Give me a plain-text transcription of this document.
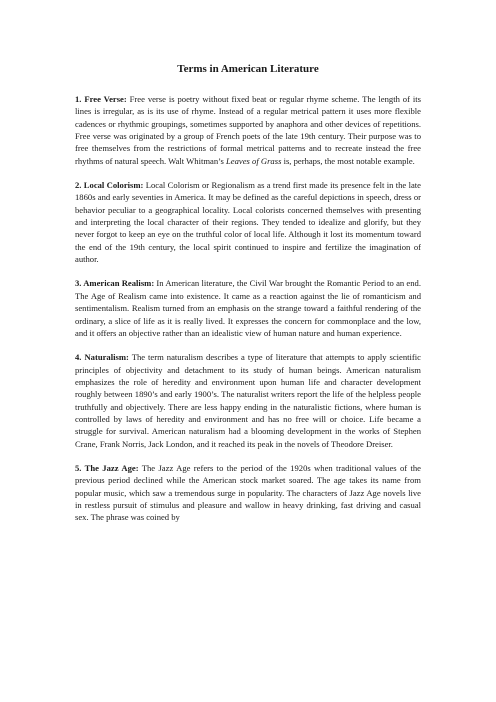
Terms in American Literature

1. Free Verse: Free verse is poetry without fixed beat or regular rhyme scheme. The length of its lines is irregular, as is its use of rhyme. Instead of a regular metrical pattern it uses more flexible cadences or rhythmic groupings, sometimes supported by anaphora and other devices of repetitions. Free verse was originated by a group of French poets of the late 19th century. Their purpose was to free themselves from the restrictions of formal metrical patterns and to recreate instead the free rhythms of natural speech. Walt Whitman’s Leaves of Grass is, perhaps, the most notable example.

2. Local Colorism: Local Colorism or Regionalism as a trend first made its presence felt in the late 1860s and early seventies in America. It may be defined as the careful depictions in speech, dress or behavior peculiar to a geographical locality. Local colorists concerned themselves with presenting and interpreting the local character of their regions. They tended to idealize and glorify, but they never forgot to keep an eye on the truthful color of local life. Although it lost its momentum toward the end of the 19th century, the local spirit continued to inspire and fertilize the imagination of author.

3. American Realism: In American literature, the Civil War brought the Romantic Period to an end. The Age of Realism came into existence. It came as a reaction against the lie of romanticism and sentimentalism. Realism turned from an emphasis on the strange toward a faithful rendering of the ordinary, a slice of life as it is really lived. It expresses the concern for commonplace and the low, and it offers an objective rather than an idealistic view of human nature and human experience.

4. Naturalism: The term naturalism describes a type of literature that attempts to apply scientific principles of objectivity and detachment to its study of human beings. American naturalism emphasizes the role of heredity and environment upon human life and character development roughly between 1890’s and early 1900’s. The naturalist writers report the life of the helpless people truthfully and objectively. There are less happy ending in the naturalistic fictions, where human is controlled by laws of heredity and environment and has no free will or choice. Life became a struggle for survival. American naturalism had a blooming development in the works of Stephen Crane, Frank Norris, Jack London, and it reached its peak in the novels of Theodore Dreiser.

5. The Jazz Age: The Jazz Age refers to the period of the 1920s when traditional values of the previous period declined while the American stock market soared. The age takes its name from popular music, which saw a tremendous surge in popularity. The characters of Jazz Age novels live in restless pursuit of stimulus and pleasure and wallow in heavy drinking, fast driving and casual sex. The phrase was coined by
